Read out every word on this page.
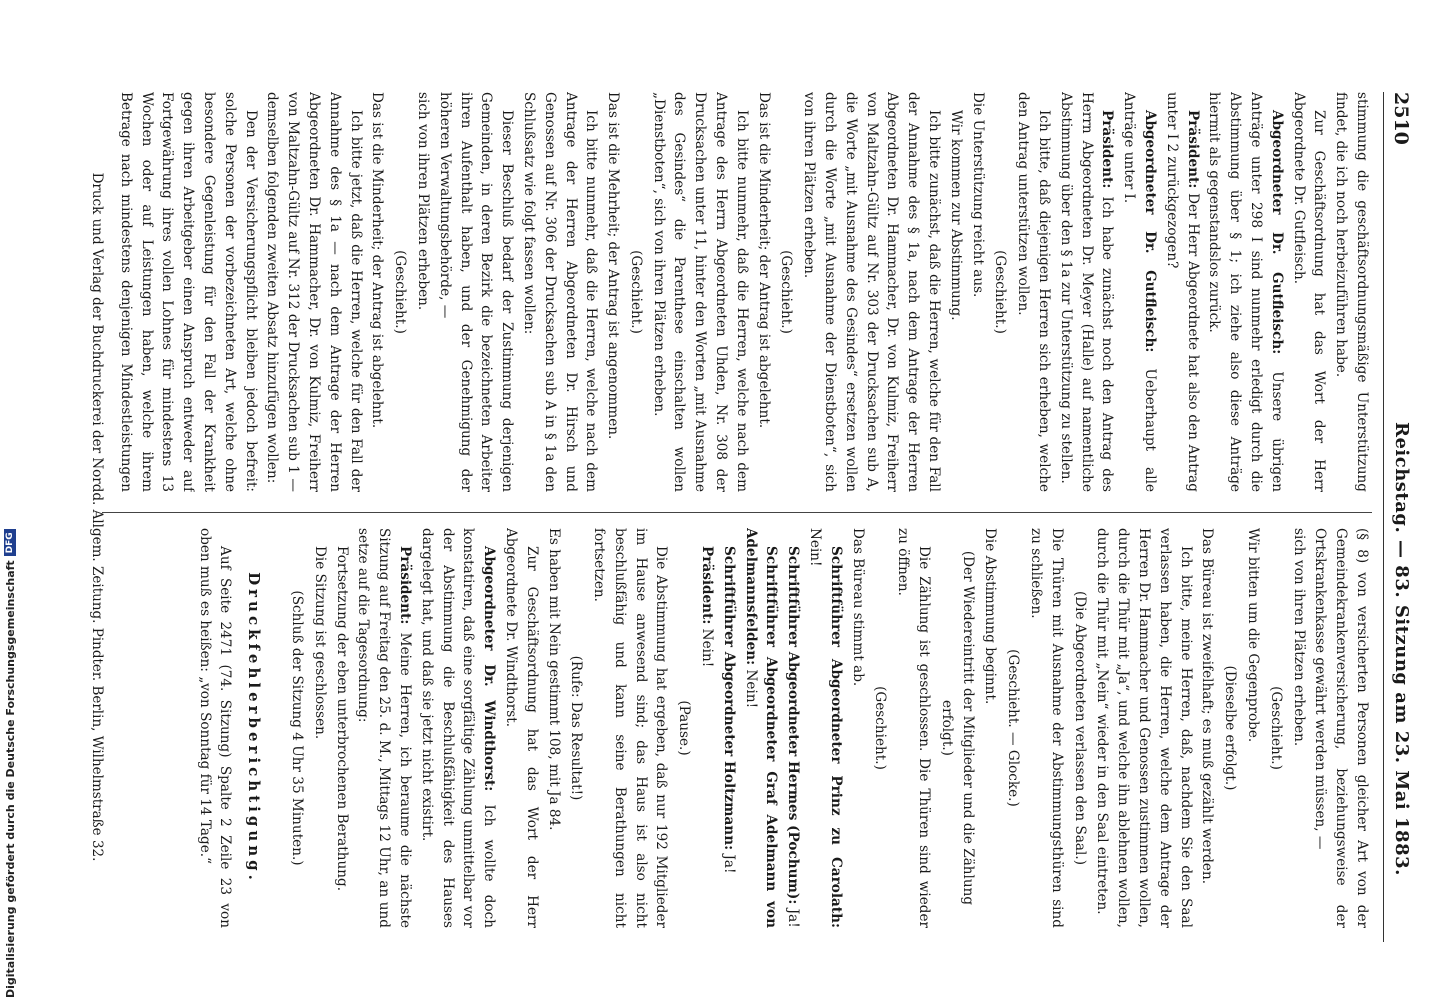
2510
Reichstag. — 83. Sitzung am 23. Mai 1883.

stimmung die geschäftsordnungsmäßige Unterstützung findet, die ich noch herbeizuführen habe.

Zur Geschäftsordnung hat das Wort der Herr Abgeordnete Dr. Gutfleisch.

Abgeordneter Dr. Gutfleisch: Unsere übrigen Anträge unter 298 I sind nunmehr erledigt durch die Abstimmung über § 1; ich ziehe also diese Anträge hiermit als gegenstandslos zurück.

Präsident: Der Herr Abgeordnete hat also den Antrag unter I 2 zurückgezogen?

Abgeordneter Dr. Gutfleisch: Ueberhaupt alle Anträge unter I.

Präsident: Ich habe zunächst noch den Antrag des Herrn Abgeordneten Dr. Meyer (Halle) auf namentliche Abstimmung über den § 1a zur Unterstützung zu stellen.

Ich bitte, daß diejenigen Herren sich erheben, welche den Antrag unterstützen wollen.

(Geschieht.)

Die Unterstützung reicht aus.

Wir kommen zur Abstimmung.

Ich bitte zunächst, daß die Herren, welche für den Fall der Annahme des § 1a, nach dem Antrage der Herren Abgeordneten Dr. Hammacher, Dr. von Kulmiz, Freiherr von Maltzahn-Gültz auf Nr. 303 der Drucksachen sub A, die Worte „mit Ausnahme des Gesindes“ ersetzen wollen durch die Worte „mit Ausnahme der Dienstboten“, sich von ihren Plätzen erheben.

(Geschieht.)

Das ist die Minderheit; der Antrag ist abgelehnt.

Ich bitte nunmehr, daß die Herren, welche nach dem Antrage des Herrn Abgeordneten Uhden, Nr. 308 der Drucksachen unter 11, hinter den Worten „mit Ausnahme des Gesindes“ die Parenthese einschalten wollen „Dienstboten“, sich von ihren Plätzen erheben.

(Geschieht.)

Das ist die Mehrheit; der Antrag ist angenommen.

Ich bitte nunmehr, daß die Herren, welche nach dem Antrage der Herren Abgeordneten Dr. Hirsch und Genossen auf Nr. 306 der Drucksachen sub A in § 1a den Schlußsatz wie folgt fassen wollen:

Dieser Beschluß bedarf der Zustimmung derjenigen Gemeinden, in deren Bezirk die bezeichneten Arbeiter ihren Aufenthalt haben, und der Genehmigung der höheren Verwaltungsbehörde, —

sich von ihren Plätzen erheben.

(Geschieht.)

Das ist die Minderheit; der Antrag ist abgelehnt.

Ich bitte jetzt, daß die Herren, welche für den Fall der Annahme des § 1a — nach dem Antrage der Herren Abgeordneten Dr. Hammacher, Dr. von Kulmiz, Freiherr von Maltzahn-Gültz auf Nr. 312 der Drucksachen sub 1 — demselben folgenden zweiten Absatz hinzufügen wollen:

Den der Versicherungspflicht bleiben jedoch befreit: solche Personen der vorbezeichneten Art, welche ohne besondere Gegenleistung für den Fall der Krankheit gegen ihren Arbeitgeber einen Anspruch entweder auf Fortgewährung ihres vollen Lohnes für mindestens 13 Wochen oder auf Leistungen haben, welche ihrem Betrage nach mindestens denjenigen Mindestleistungen

(§ 8) von versicherten Personen gleicher Art von der Gemeindekrankenversicherung, beziehungsweise der Ortskrankenkasse gewährt werden müssen, —

sich von ihren Plätzen erheben.

(Geschieht.)

Wir bitten um die Gegenprobe.

(Dieselbe erfolgt.)

Das Büreau ist zweifelhaft; es muß gezählt werden.

Ich bitte, meine Herren, daß, nachdem Sie den Saal verlassen haben, die Herren, welche dem Antrage der Herren Dr. Hammacher und Genossen zustimmen wollen, durch die Thür mit „Ja“, und welche ihn ablehnen wollen, durch die Thür mit „Nein“ wieder in den Saal eintreten.

(Die Abgeordneten verlassen den Saal.)

Die Thüren mit Ausnahme der Abstimmungsthüren sind zu schließen.

(Geschieht. — Glocke.)

Die Abstimmung beginnt.

(Der Wiedereintritt der Mitglieder und die Zählung erfolgt.)

Die Zählung ist geschlossen. Die Thüren sind wieder zu öffnen.

(Geschieht.)

Das Büreau stimmt ab.

Schriftführer Abgeordneter Prinz zu Carolath: Nein!

Schriftführer Abgeordneter Hermes (Pochum): Ja!

Schriftführer Abgeordneter Graf Adelmann von Adelmannsfelden: Nein!

Schriftführer Abgeordneter Holtzmann: Ja!

Präsident: Nein!

(Pause.)

Die Abstimmung hat ergeben, daß nur 192 Mitglieder im Hause anwesend sind; das Haus ist also nicht beschlußfähig und kann seine Berathungen nicht fortsetzen.

(Rufe: Das Resultat!)

Es haben mit Nein gestimmt 108, mit Ja 84.

Zur Geschäftsordnung hat das Wort der Herr Abgeordnete Dr. Windthorst.

Abgeordneter Dr. Windthorst: Ich wollte doch konstatiren, daß eine sorgfältige Zählung unmittelbar vor der Abstimmung die Beschlußfähigkeit des Hauses dargelegt hat, und daß sie jetzt nicht existirt.

Präsident: Meine Herren, ich beraume die nächste Sitzung auf Freitag den 25. d. M., Mittags 12 Uhr, an und setze auf die Tagesordnung:

Fortsetzung der eben unterbrochenen Berathung.

Die Sitzung ist geschlossen.

(Schluß der Sitzung 4 Uhr 35 Minuten.)

Druckfehlerberichtigung.

Auf Seite 2471 (74. Sitzung) Spalte 2 Zeile 23 von oben muß es heißen: „von Sonntag für 14 Tage.“

Druck und Verlag der Buchdruckerei der Nordd. Allgem. Zeitung. Pindter. Berlin, Wilhelmstraße 32.
Digitalisierung gefördert durch die Deutsche Forschungsgemeinschaft
DFG
